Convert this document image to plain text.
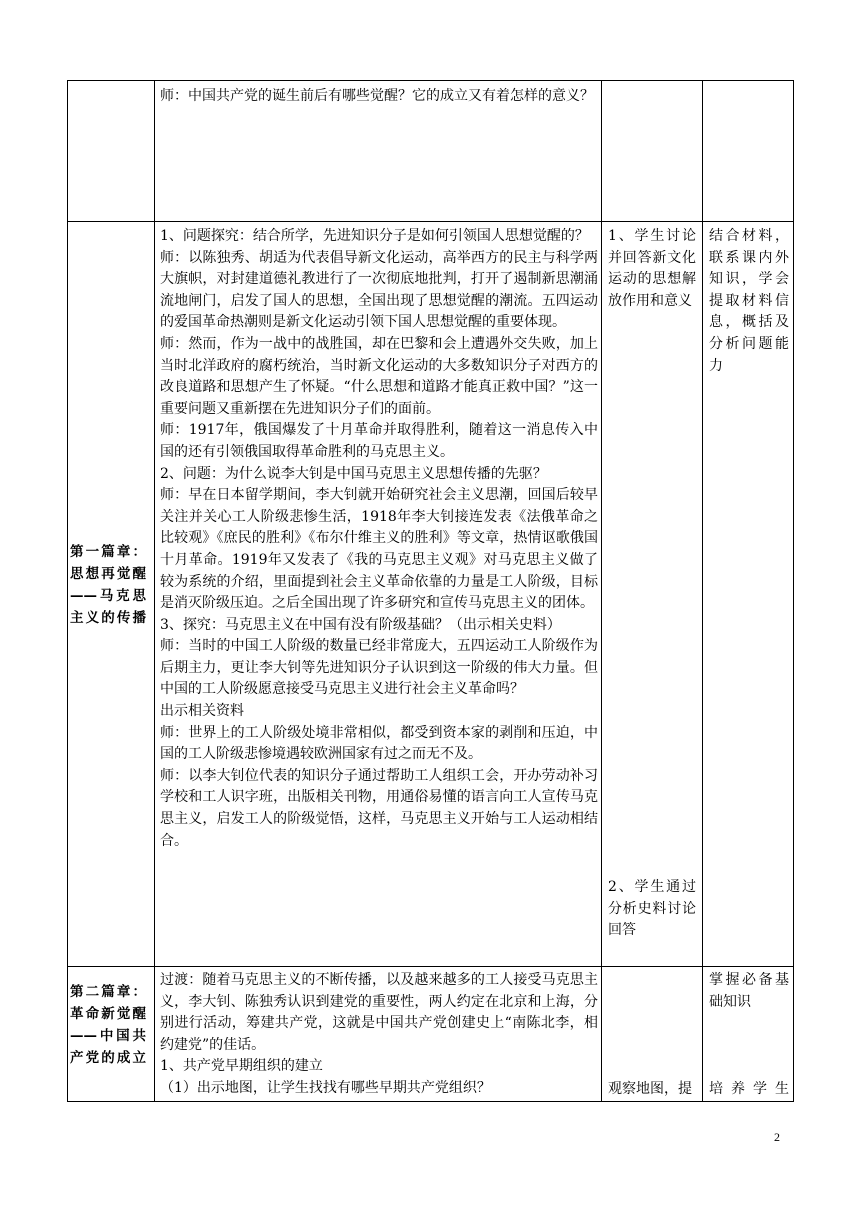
师：中国共产党的诞生前后有哪些觉醒？它的成立又有着怎样的意义？

第一篇章：思想再觉醒——马克思主义的传播

1、问题探究：结合所学，先进知识分子是如何引领国人思想觉醒的？

师：以陈独秀、胡适为代表倡导新文化运动，高举西方的民主与科学两大旗帜，对封建道德礼教进行了一次彻底地批判，打开了遏制新思潮涌流地闸门，启发了国人的思想，全国出现了思想觉醒的潮流。五四运动的爱国革命热潮则是新文化运动引领下国人思想觉醒的重要体现。

师：然而，作为一战中的战胜国，却在巴黎和会上遭遇外交失败，加上当时北洋政府的腐朽统治，当时新文化运动的大多数知识分子对西方的改良道路和思想产生了怀疑。“什么思想和道路才能真正救中国？”这一重要问题又重新摆在先进知识分子们的面前。

师：1917年，俄国爆发了十月革命并取得胜利，随着这一消息传入中国的还有引领俄国取得革命胜利的马克思主义。

2、问题：为什么说李大钊是中国马克思主义思想传播的先驱？

师：早在日本留学期间，李大钊就开始研究社会主义思潮，回国后较早关注并关心工人阶级悲惨生活，1918年李大钊接连发表《法俄革命之比较观》《庶民的胜利》《布尔什维主义的胜利》等文章，热情讴歌俄国十月革命。1919年又发表了《我的马克思主义观》对马克思主义做了较为系统的介绍，里面提到社会主义革命依靠的力量是工人阶级，目标是消灭阶级压迫。之后全国出现了许多研究和宣传马克思主义的团体。

3、探究：马克思主义在中国有没有阶级基础？（出示相关史料）

师：当时的中国工人阶级的数量已经非常庞大，五四运动工人阶级作为后期主力，更让李大钊等先进知识分子认识到这一阶级的伟大力量。但中国的工人阶级愿意接受马克思主义进行社会主义革命吗？

出示相关资料

师：世界上的工人阶级处境非常相似，都受到资本家的剥削和压迫，中国的工人阶级悲惨境遇较欧洲国家有过之而无不及。

师：以李大钊位代表的知识分子通过帮助工人组织工会，开办劳动补习学校和工人识字班，出版相关刊物，用通俗易懂的语言向工人宣传马克思主义，启发工人的阶级觉悟，这样，马克思主义开始与工人运动相结合。

1、学生讨论并回答新文化运动的思想解放作用和意义
2、学生通过分析史料讨论回答
结合材料，联系课内外知识，学会提取材料信息，概括及分析问题能力
第二篇章：革命新觉醒——中国共产党的成立

过渡：随着马克思主义的不断传播，以及越来越多的工人接受马克思主义，李大钊、陈独秀认识到建党的重要性，两人约定在北京和上海，分别进行活动，筹建共产党，这就是中国共产党创建史上“南陈北李，相约建党”的佳话。

1、共产党早期组织的建立

（1）出示地图，让学生找找有哪些早期共产党组织？	观察地图，提
掌握必备基础知识
培养学生
2
